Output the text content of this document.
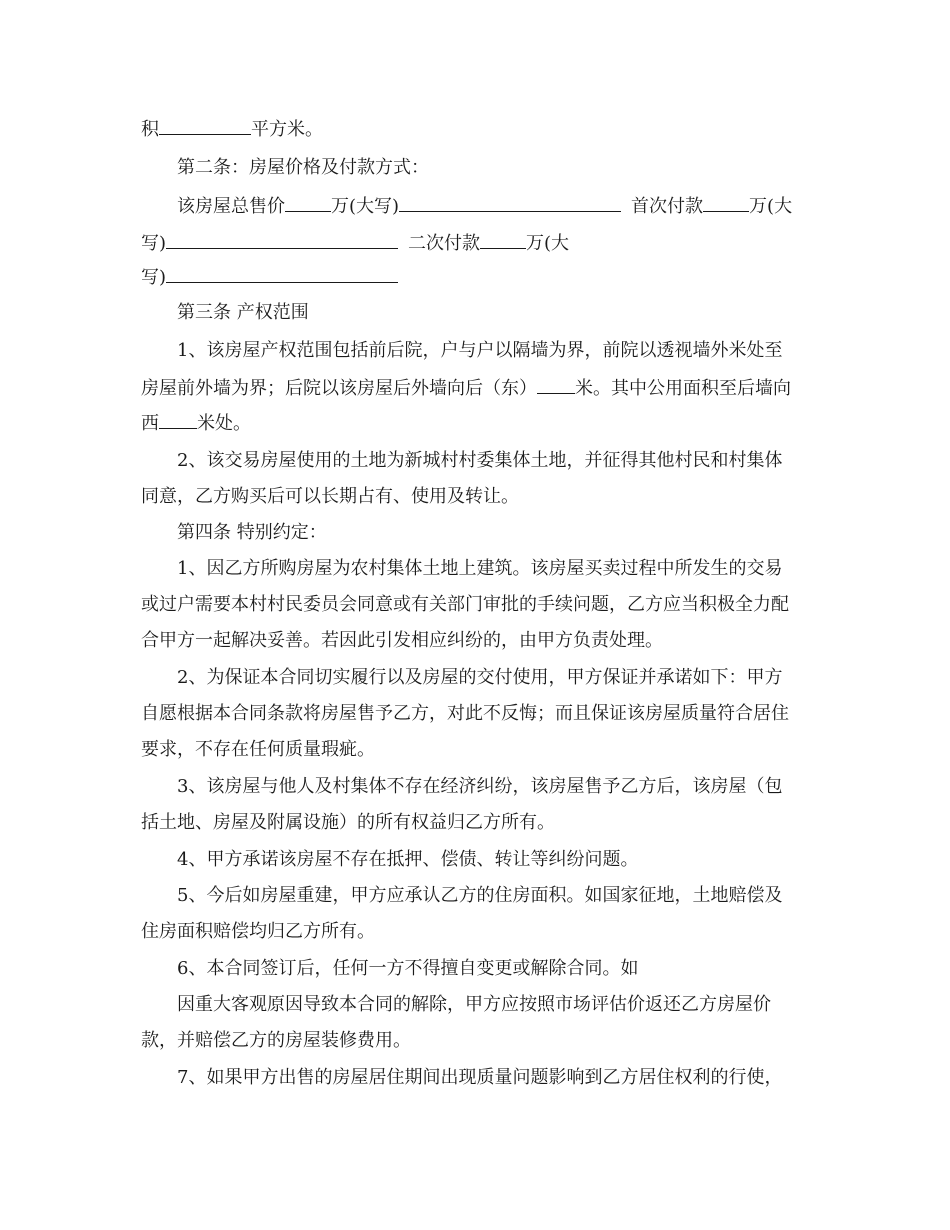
积	平方米。
第二条：房屋价格及付款方式：
该房屋总售价	万(大写)	首次付款	万(大
写)	二次付款	万(大
写)
第三条 产权范围
1、该房屋产权范围包括前后院，户与户以隔墙为界，前院以透视墙外米处至
房屋前外墙为界；后院以该房屋后外墙向后（东） 米。其中公用面积至后墙向
西 米处。
2、该交易房屋使用的土地为新城村村委集体土地，并征得其他村民和村集体
同意，乙方购买后可以长期占有、使用及转让。
第四条 特别约定：
1、因乙方所购房屋为农村集体土地上建筑。该房屋买卖过程中所发生的交易
或过户需要本村村民委员会同意或有关部门审批的手续问题，乙方应当积极全力配
合甲方一起解决妥善。若因此引发相应纠纷的，由甲方负责处理。
2、为保证本合同切实履行以及房屋的交付使用，甲方保证并承诺如下：甲方
自愿根据本合同条款将房屋售予乙方，对此不反悔；而且保证该房屋质量符合居住
要求，不存在任何质量瑕疵。
3、该房屋与他人及村集体不存在经济纠纷，该房屋售予乙方后，该房屋（包
括土地、房屋及附属设施）的所有权益归乙方所有。
4、甲方承诺该房屋不存在抵押、偿债、转让等纠纷问题。
5、今后如房屋重建，甲方应承认乙方的住房面积。如国家征地，土地赔偿及
住房面积赔偿均归乙方所有。
6、本合同签订后，任何一方不得擅自变更或解除合同。如
因重大客观原因导致本合同的解除，甲方应按照市场评估价返还乙方房屋价
款，并赔偿乙方的房屋装修费用。
7、如果甲方出售的房屋居住期间出现质量问题影响到乙方居住权利的行使，
